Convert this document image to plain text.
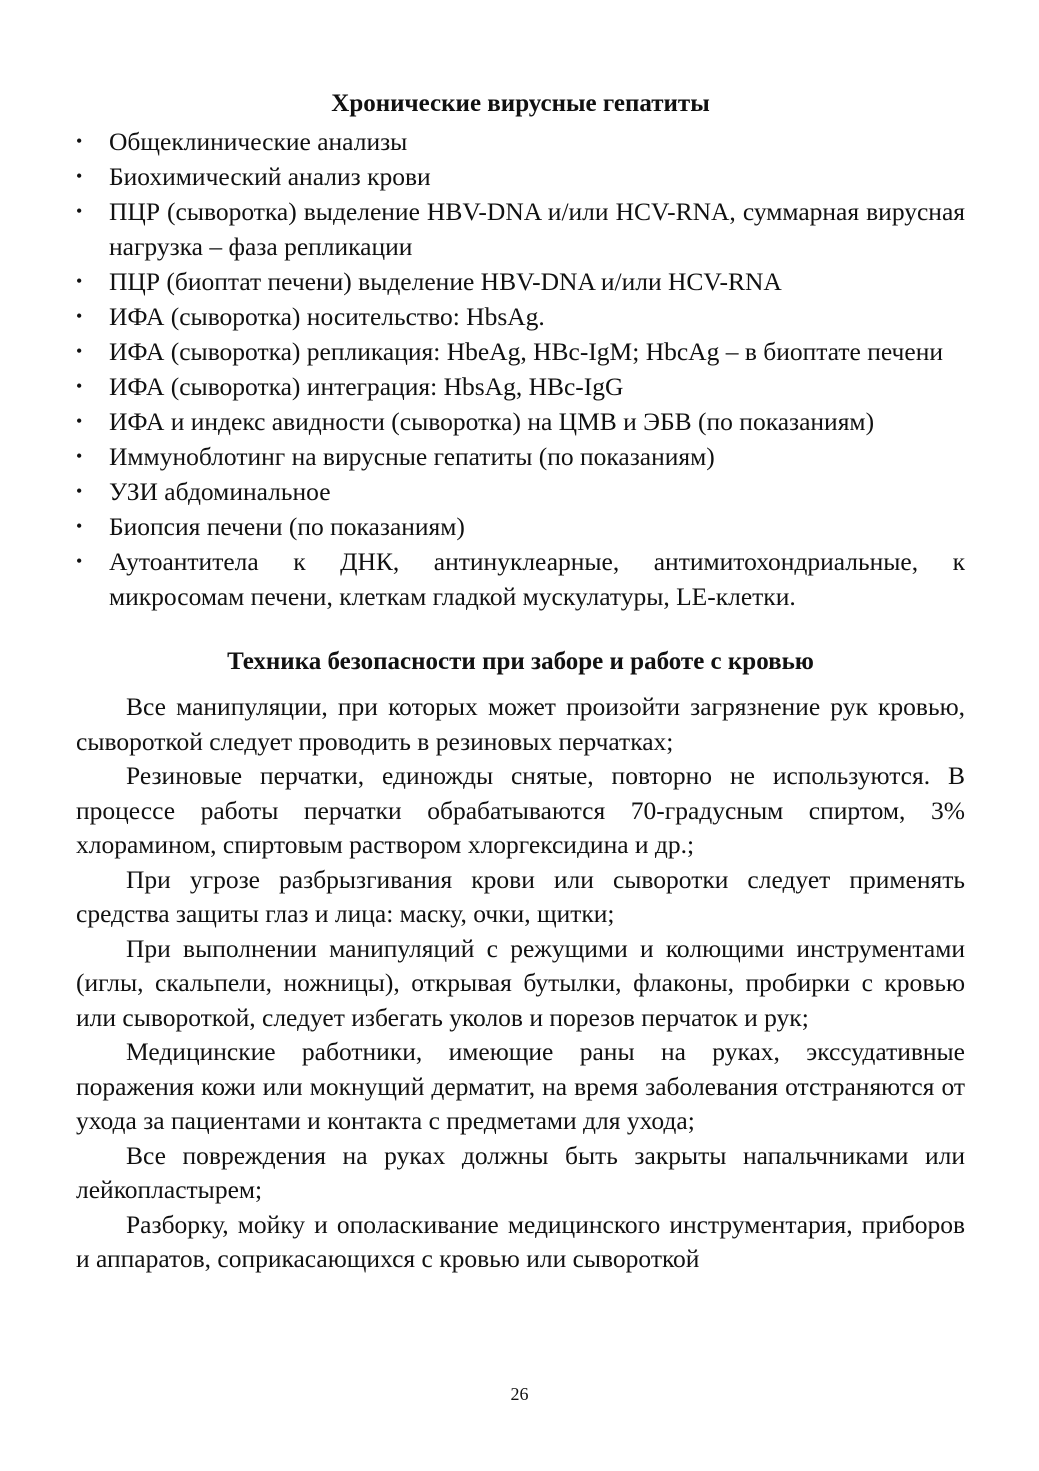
Хронические вирусные гепатиты
• Общеклинические анализы
• Биохимический анализ крови
• ПЦР (сыворотка) выделение HBV-DNA и/или HCV-RNA, суммарная вирусная нагрузка – фаза репликации
• ПЦР (биоптат печени) выделение HBV-DNA и/или HCV-RNA
• ИФА (сыворотка) носительство: HbsAg.
• ИФА (сыворотка) репликация: HbeAg, HBc-IgM; HbcAg – в биоптате печени
• ИФА (сыворотка) интеграция: HbsAg, HBc-IgG
• ИФА и индекс авидности (сыворотка) на ЦМВ и ЭБВ (по показаниям)
• Иммуноблотинг на вирусные гепатиты (по показаниям)
• УЗИ абдоминальное
• Биопсия печени (по показаниям)
• Аутоантитела к ДНК, антинуклеарные, антимитохондриальные, к микросомам печени, клеткам гладкой мускулатуры, LE-клетки.
Техника безопасности при заборе и работе с кровью

Все манипуляции, при которых может произойти загрязнение рук кровью, сывороткой следует проводить в резиновых перчатках;

Резиновые перчатки, единожды снятые, повторно не используются. В процессе работы перчатки обрабатываются 70-градусным спиртом, 3% хлорамином, спиртовым раствором хлоргексидина и др.;

При угрозе разбрызгивания крови или сыворотки следует применять средства защиты глаз и лица: маску, очки, щитки;

При выполнении манипуляций с режущими и колющими инструментами (иглы, скальпели, ножницы), открывая бутылки, флаконы, пробирки с кровью или сывороткой, следует избегать уколов и порезов перчаток и рук;

Медицинские работники, имеющие раны на руках, экссудативные поражения кожи или мокнущий дерматит, на время заболевания отстраняются от ухода за пациентами и контакта с предметами для ухода;

Все повреждения на руках должны быть закрыты напальчниками или лейкопластырем;

Разборку, мойку и ополаскивание медицинского инструментария, приборов и аппаратов, соприкасающихся с кровью или сывороткой

26
